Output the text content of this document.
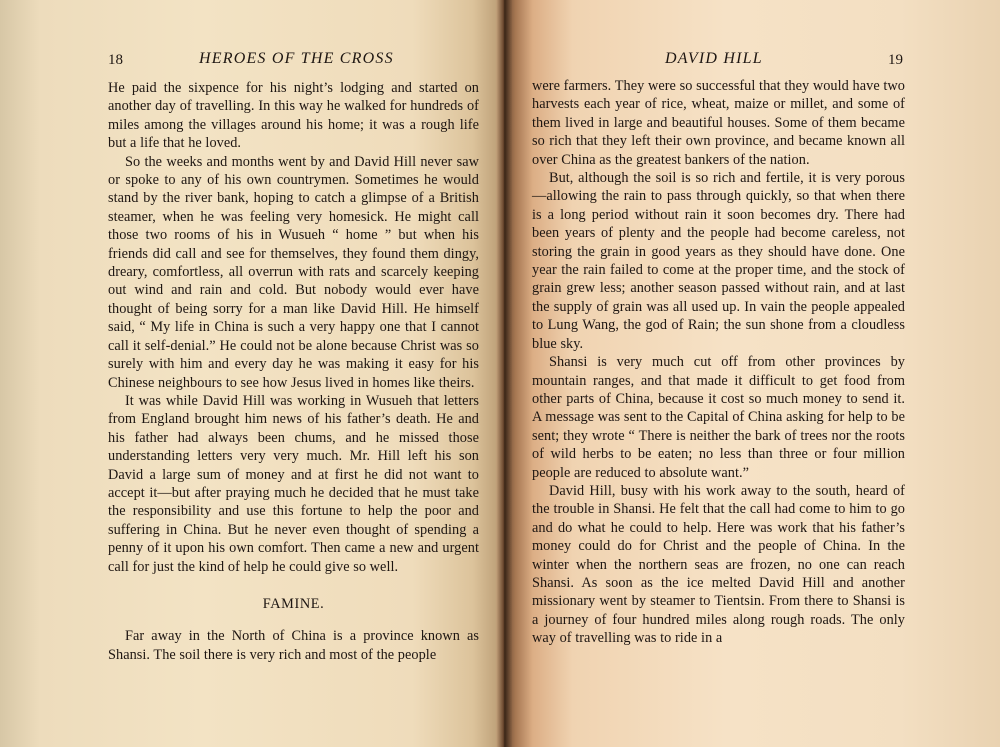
18	HEROES OF THE CROSS

He paid the sixpence for his night’s lodging and started on another day of travelling. In this way he walked for hundreds of miles among the villages around his home; it was a rough life but a life that he loved.

So the weeks and months went by and David Hill never saw or spoke to any of his own countrymen. Sometimes he would stand by the river bank, hoping to catch a glimpse of a British steamer, when he was feeling very homesick. He might call those two rooms of his in Wusueh “ home ” but when his friends did call and see for themselves, they found them dingy, dreary, comfortless, all overrun with rats and scarcely keeping out wind and rain and cold. But nobody would ever have thought of being sorry for a man like David Hill. He himself said, “ My life in China is such a very happy one that I cannot call it self-denial.” He could not be alone because Christ was so surely with him and every day he was making it easy for his Chinese neighbours to see how Jesus lived in homes like theirs.

It was while David Hill was working in Wusueh that letters from England brought him news of his father’s death. He and his father had always been chums, and he missed those understanding letters very very much. Mr. Hill left his son David a large sum of money and at first he did not want to accept it—but after praying much he decided that he must take the responsibility and use this fortune to help the poor and suffering in China. But he never even thought of spending a penny of it upon his own comfort. Then came a new and urgent call for just the kind of help he could give so well.

FAMINE.

Far away in the North of China is a province known as Shansi. The soil there is very rich and most of the people

DAVID HILL	19

were farmers. They were so successful that they would have two harvests each year of rice, wheat, maize or millet, and some of them lived in large and beautiful houses. Some of them became so rich that they left their own province, and became known all over China as the greatest bankers of the nation.

But, although the soil is so rich and fertile, it is very porous—allowing the rain to pass through quickly, so that when there is a long period without rain it soon becomes dry. There had been years of plenty and the people had become careless, not storing the grain in good years as they should have done. One year the rain failed to come at the proper time, and the stock of grain grew less; another season passed without rain, and at last the supply of grain was all used up. In vain the people appealed to Lung Wang, the god of Rain; the sun shone from a cloudless blue sky.

Shansi is very much cut off from other provinces by mountain ranges, and that made it difficult to get food from other parts of China, because it cost so much money to send it. A message was sent to the Capital of China asking for help to be sent; they wrote “ There is neither the bark of trees nor the roots of wild herbs to be eaten; no less than three or four million people are reduced to absolute want.”

David Hill, busy with his work away to the south, heard of the trouble in Shansi. He felt that the call had come to him to go and do what he could to help. Here was work that his father’s money could do for Christ and the people of China. In the winter when the northern seas are frozen, no one can reach Shansi. As soon as the ice melted David Hill and another missionary went by steamer to Tientsin. From there to Shansi is a journey of four hundred miles along rough roads. The only way of travelling was to ride in a
